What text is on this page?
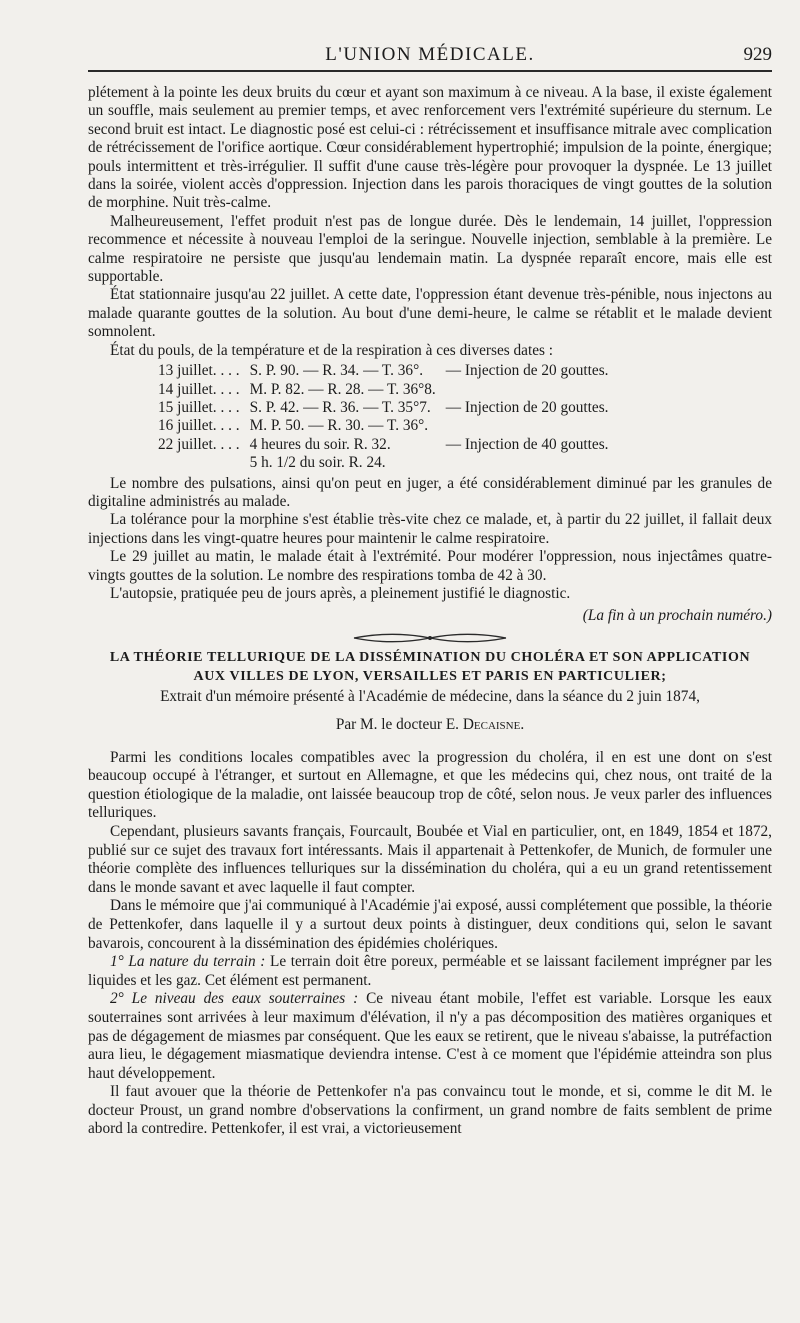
L'UNION MÉDICALE.	929

plétement à la pointe les deux bruits du cœur et ayant son maximum à ce niveau. A la base, il existe également un souffle, mais seulement au premier temps, et avec renforcement vers l'extrémité supérieure du sternum. Le second bruit est intact. Le diagnostic posé est celui-ci : rétrécissement et insuffisance mitrale avec complication de rétrécissement de l'orifice aortique. Cœur considérablement hypertrophié; impulsion de la pointe, énergique; pouls intermittent et très-irrégulier. Il suffit d'une cause très-légère pour provoquer la dyspnée. Le 13 juillet dans la soirée, violent accès d'oppression. Injection dans les parois thoraciques de vingt gouttes de la solution de morphine. Nuit très-calme.

Malheureusement, l'effet produit n'est pas de longue durée. Dès le lendemain, 14 juillet, l'oppression recommence et nécessite à nouveau l'emploi de la seringue. Nouvelle injection, semblable à la première. Le calme respiratoire ne persiste que jusqu'au lendemain matin. La dyspnée reparaît encore, mais elle est supportable.

État stationnaire jusqu'au 22 juillet. A cette date, l'oppression étant devenue très-pénible, nous injectons au malade quarante gouttes de la solution. Au bout d'une demi-heure, le calme se rétablit et le malade devient somnolent.

État du pouls, de la température et de la respiration à ces diverses dates :

13 juillet. . . .	S. P. 90. — R. 34. — T. 36°.	— Injection de 20 gouttes.
14 juillet. . . .	M. P. 82. — R. 28. — T. 36°8.	
15 juillet. . . .	S. P. 42. — R. 36. — T. 35°7.	— Injection de 20 gouttes.
16 juillet. . . .	M. P. 50. — R. 30. — T. 36°.	
22 juillet. . . .	4 heures du soir. R. 32.	— Injection de 40 gouttes.
	5 h. 1/2 du soir. R. 24.	

Le nombre des pulsations, ainsi qu'on peut en juger, a été considérablement diminué par les granules de digitaline administrés au malade.

La tolérance pour la morphine s'est établie très-vite chez ce malade, et, à partir du 22 juillet, il fallait deux injections dans les vingt-quatre heures pour maintenir le calme respiratoire.

Le 29 juillet au matin, le malade était à l'extrémité. Pour modérer l'oppression, nous injectâmes quatre-vingts gouttes de la solution. Le nombre des respirations tomba de 42 à 30.

L'autopsie, pratiquée peu de jours après, a pleinement justifié le diagnostic.

(La fin à un prochain numéro.)

LA THÉORIE TELLURIQUE DE LA DISSÉMINATION DU CHOLÉRA ET SON APPLICATION
AUX VILLES DE LYON, VERSAILLES ET PARIS EN PARTICULIER;

Extrait d'un mémoire présenté à l'Académie de médecine, dans la séance du 2 juin 1874,

Par M. le docteur E. Decaisne.

Parmi les conditions locales compatibles avec la progression du choléra, il en est une dont on s'est beaucoup occupé à l'étranger, et surtout en Allemagne, et que les médecins qui, chez nous, ont traité de la question étiologique de la maladie, ont laissée beaucoup trop de côté, selon nous. Je veux parler des influences telluriques.

Cependant, plusieurs savants français, Fourcault, Boubée et Vial en particulier, ont, en 1849, 1854 et 1872, publié sur ce sujet des travaux fort intéressants. Mais il appartenait à Pettenkofer, de Munich, de formuler une théorie complète des influences telluriques sur la dissémination du choléra, qui a eu un grand retentissement dans le monde savant et avec laquelle il faut compter.

Dans le mémoire que j'ai communiqué à l'Académie j'ai exposé, aussi complétement que possible, la théorie de Pettenkofer, dans laquelle il y a surtout deux points à distinguer, deux conditions qui, selon le savant bavarois, concourent à la dissémination des épidémies cholériques.

1° La nature du terrain : Le terrain doit être poreux, perméable et se laissant facilement imprégner par les liquides et les gaz. Cet élément est permanent.

2° Le niveau des eaux souterraines : Ce niveau étant mobile, l'effet est variable. Lorsque les eaux souterraines sont arrivées à leur maximum d'élévation, il n'y a pas décomposition des matières organiques et pas de dégagement de miasmes par conséquent. Que les eaux se retirent, que le niveau s'abaisse, la putréfaction aura lieu, le dégagement miasmatique deviendra intense. C'est à ce moment que l'épidémie atteindra son plus haut développement.

Il faut avouer que la théorie de Pettenkofer n'a pas convaincu tout le monde, et si, comme le dit M. le docteur Proust, un grand nombre d'observations la confirment, un grand nombre de faits semblent de prime abord la contredire. Pettenkofer, il est vrai, a victorieusement
